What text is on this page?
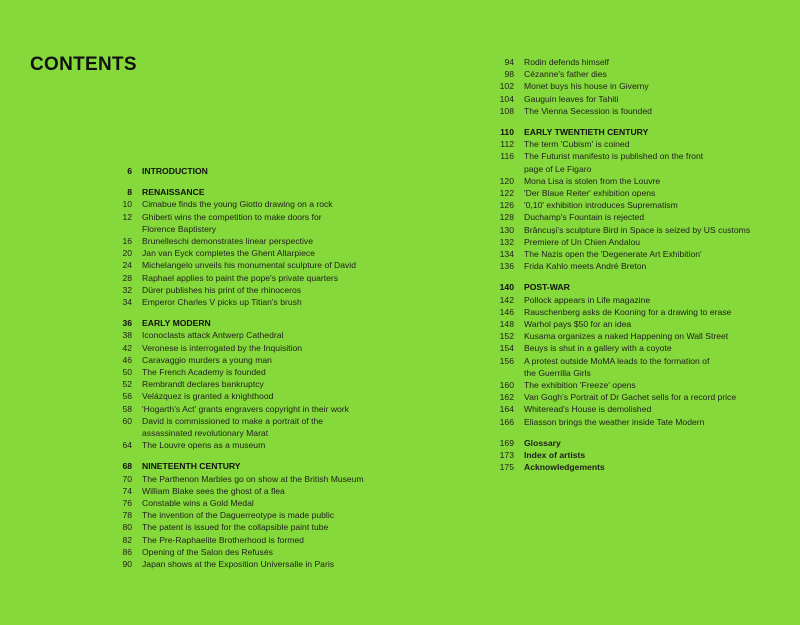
CONTENTS
6 INTRODUCTION
8 RENAISSANCE
10 Cimabue finds the young Giotto drawing on a rock
12 Ghiberti wins the competition to make doors for
Florence Baptistery
16 Brunelleschi demonstrates linear perspective
20 Jan van Eyck completes the Ghent Altarpiece
24 Michelangelo unveils his monumental sculpture of David
28 Raphael applies to paint the pope's private quarters
32 Dürer publishes his print of the rhinoceros
34 Emperor Charles V picks up Titian's brush
36 EARLY MODERN
38 Iconoclasts attack Antwerp Cathedral
42 Veronese is interrogated by the Inquisition
46 Caravaggio murders a young man
50 The French Academy is founded
52 Rembrandt declares bankruptcy
56 Velázquez is granted a knighthood
58 'Hogarth's Act' grants engravers copyright in their work
60 David is commissioned to make a portrait of the
assassinated revolutionary Marat
64 The Louvre opens as a museum
68 NINETEENTH CENTURY
70 The Parthenon Marbles go on show at the British Museum
74 William Blake sees the ghost of a flea
76 Constable wins a Gold Medal
78 The invention of the Daguerreotype is made public
80 The patent is issued for the collapsible paint tube
82 The Pre-Raphaelite Brotherhood is formed
86 Opening of the Salon des Refusés
90 Japan shows at the Exposition Universalle in Paris
94 Rodin defends himself
98 Cézanne's father dies
102 Monet buys his house in Giverny
104 Gauguin leaves for Tahiti
108 The Vienna Secession is founded
110 EARLY TWENTIETH CENTURY
112 The term 'Cubism' is coined
116 The Futurist manifesto is published on the front
page of Le Figaro
120 Mona Lisa is stolen from the Louvre
122 'Der Blaue Reiter' exhibition opens
126 '0,10' exhibition introduces Suprematism
128 Duchamp's Fountain is rejected
130 Brâncuși's sculpture Bird in Space is seized by US customs
132 Premiere of Un Chien Andalou
134 The Nazis open the 'Degenerate Art Exhibition'
136 Frida Kahlo meets André Breton
140 POST-WAR
142 Pollock appears in Life magazine
146 Rauschenberg asks de Kooning for a drawing to erase
148 Warhol pays $50 for an idea
152 Kusama organizes a naked Happening on Wall Street
154 Beuys is shut in a gallery with a coyote
156 A protest outside MoMA leads to the formation of
the Guerrilla Girls
160 The exhibition 'Freeze' opens
162 Van Gogh's Portrait of Dr Gachet sells for a record price
164 Whiteread's House is demolished
166 Eliasson brings the weather inside Tate Modern
169 Glossary
173 Index of artists
175 Acknowledgements
